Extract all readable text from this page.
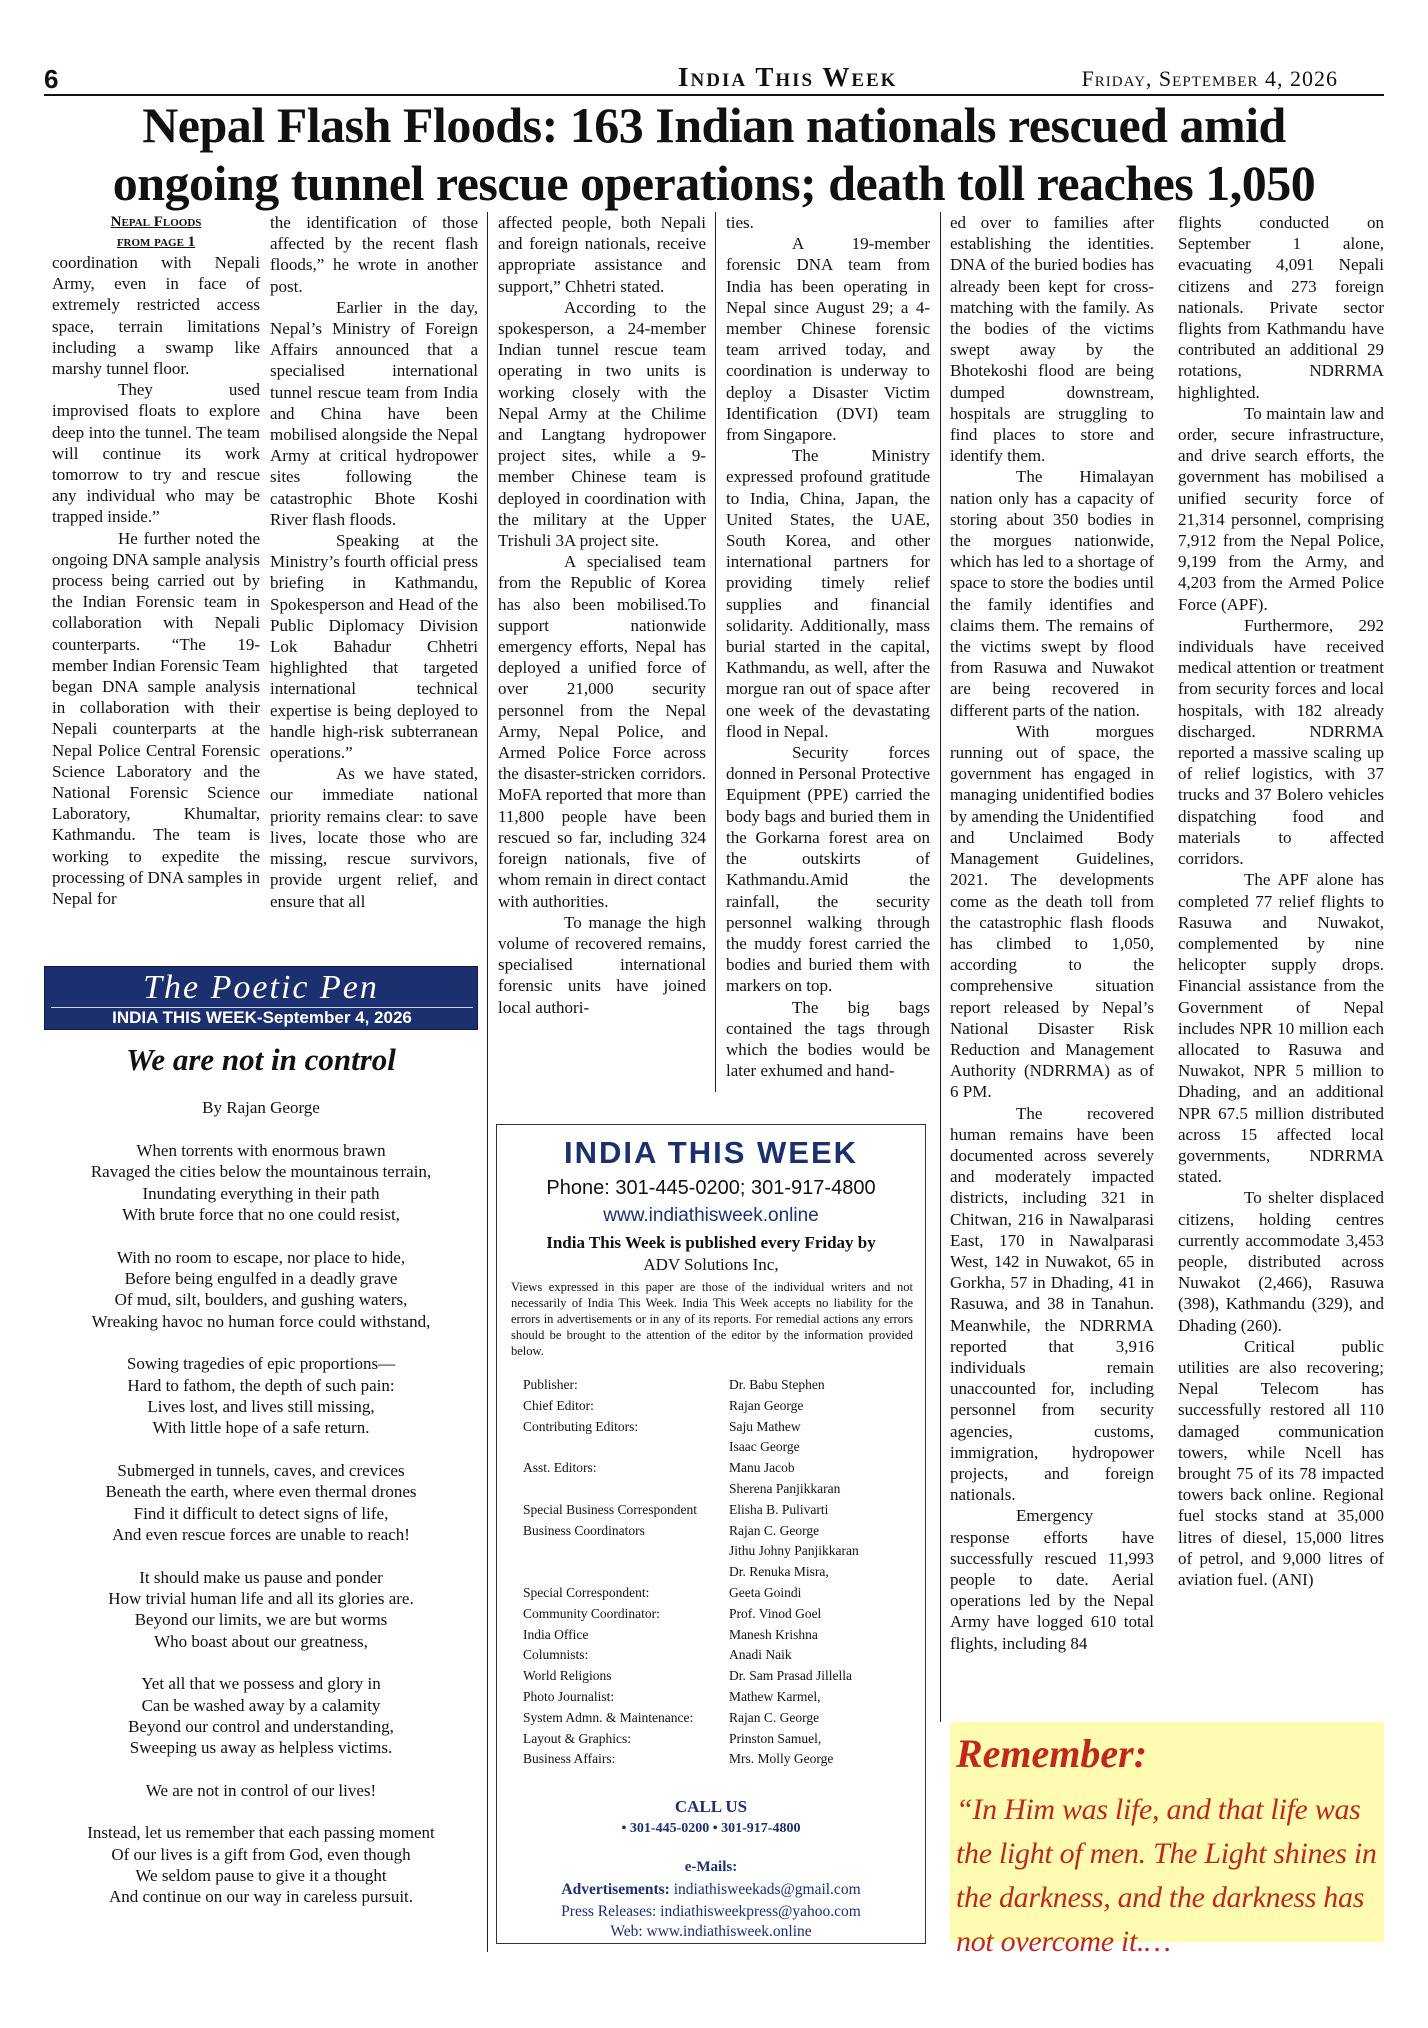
6	India This Week	Friday, September 4, 2026
Nepal Flash Floods: 163 Indian nationals rescued amid
ongoing tunnel rescue operations; death toll reaches 1,050

Nepal Floods

from page 1

coordination with Nepali Army, even in face of extremely restricted access space, terrain limitations including a swamp like marshy tunnel floor.

They used improvised floats to explore deep into the tunnel. The team will continue its work tomorrow to try and rescue any individual who may be trapped inside.”

He further noted the ongoing DNA sample analysis process being carried out by the Indian Forensic team in collaboration with Nepali counterparts. “The 19-member Indian Forensic Team began DNA sample analysis in collaboration with their Nepali counterparts at the Nepal Police Central Forensic Science Laboratory and the National Forensic Science Laboratory, Khumaltar, Kathmandu. The team is working to expedite the processing of DNA samples in Nepal for

the identification of those affected by the recent flash floods,” he wrote in another post.

Earlier in the day, Nepal’s Ministry of Foreign Affairs announced that a specialised international tunnel rescue team from India and China have been mobilised alongside the Nepal Army at critical hydropower sites following the catastrophic Bhote Koshi River flash floods.

Speaking at the Ministry’s fourth official press briefing in Kathmandu, Spokesperson and Head of the Public Diplomacy Division Lok Bahadur Chhetri highlighted that targeted international technical expertise is being deployed to handle high-risk subterranean operations.”

As we have stated, our immediate national priority remains clear: to save lives, locate those who are missing, rescue survivors, provide urgent relief, and ensure that all

affected people, both Nepali and foreign nationals, receive appropriate assistance and support,” Chhetri stated.

According to the spokesperson, a 24-member Indian tunnel rescue team operating in two units is working closely with the Nepal Army at the Chilime and Langtang hydropower project sites, while a 9-member Chinese team is deployed in coordination with the military at the Upper Trishuli 3A project site.

A specialised team from the Republic of Korea has also been mobilised.To support nationwide emergency efforts, Nepal has deployed a unified force of over 21,000 security personnel from the Nepal Army, Nepal Police, and Armed Police Force across the disaster-stricken corridors. MoFA reported that more than 11,800 people have been rescued so far, including 324 foreign nationals, five of whom remain in direct contact with authorities.

To manage the high volume of recovered remains, specialised international forensic units have joined local authori-

ties.

A 19-member forensic DNA team from India has been operating in Nepal since August 29; a 4-member Chinese forensic team arrived today, and coordination is underway to deploy a Disaster Victim Identification (DVI) team from Singapore.

The Ministry expressed profound gratitude to India, China, Japan, the United States, the UAE, South Korea, and other international partners for providing timely relief supplies and financial solidarity. Additionally, mass burial started in the capital, Kathmandu, as well, after the morgue ran out of space after one week of the devastating flood in Nepal.

Security forces donned in Personal Protective Equipment (PPE) carried the body bags and buried them in the Gorkarna forest area on the outskirts of Kathmandu.Amid the rainfall, the security personnel walking through the muddy forest carried the bodies and buried them with markers on top.

The big bags contained the tags through which the bodies would be later exhumed and hand-

ed over to families after establishing the identities. DNA of the buried bodies has already been kept for cross-matching with the family. As the bodies of the victims swept away by the Bhotekoshi flood are being dumped downstream, hospitals are struggling to find places to store and identify them.

The Himalayan nation only has a capacity of storing about 350 bodies in the morgues nationwide, which has led to a shortage of space to store the bodies until the family identifies and claims them. The remains of the victims swept by flood from Rasuwa and Nuwakot are being recovered in different parts of the nation.

With morgues running out of space, the government has engaged in managing unidentified bodies by amending the Unidentified and Unclaimed Body Management Guidelines, 2021. The developments come as the death toll from the catastrophic flash floods has climbed to 1,050, according to the comprehensive situation report released by Nepal’s National Disaster Risk Reduction and Management Authority (NDRRMA) as of 6 PM.

The recovered human remains have been documented across severely and moderately impacted districts, including 321 in Chitwan, 216 in Nawalparasi East, 170 in Nawalparasi West, 142 in Nuwakot, 65 in Gorkha, 57 in Dhading, 41 in Rasuwa, and 38 in Tanahun. Meanwhile, the NDRRMA reported that 3,916 individuals remain unaccounted for, including personnel from security agencies, customs, immigration, hydropower projects, and foreign nationals.

Emergency response efforts have successfully rescued 11,993 people to date. Aerial operations led by the Nepal Army have logged 610 total flights, including 84

flights conducted on September 1 alone, evacuating 4,091 Nepali citizens and 273 foreign nationals. Private sector flights from Kathmandu have contributed an additional 29 rotations, NDRRMA highlighted.

To maintain law and order, secure infrastructure, and drive search efforts, the government has mobilised a unified security force of 21,314 personnel, comprising 7,912 from the Nepal Police, 9,199 from the Army, and 4,203 from the Armed Police Force (APF).

Furthermore, 292 individuals have received medical attention or treatment from security forces and local hospitals, with 182 already discharged. NDRRMA reported a massive scaling up of relief logistics, with 37 trucks and 37 Bolero vehicles dispatching food and materials to affected corridors.

The APF alone has completed 77 relief flights to Rasuwa and Nuwakot, complemented by nine helicopter supply drops. Financial assistance from the Government of Nepal includes NPR 10 million each allocated to Rasuwa and Nuwakot, NPR 5 million to Dhading, and an additional NPR 67.5 million distributed across 15 affected local governments, NDRRMA stated.

To shelter displaced citizens, holding centres currently accommodate 3,453 people, distributed across Nuwakot (2,466), Rasuwa (398), Kathmandu (329), and Dhading (260).

Critical public utilities are also recovering; Nepal Telecom has successfully restored all 110 damaged communication towers, while Ncell has brought 75 of its 78 impacted towers back online. Regional fuel stocks stand at 35,000 litres of diesel, 15,000 litres of petrol, and 9,000 litres of aviation fuel. (ANI)

The Poetic Pen
INDIA THIS WEEK-September 4, 2026
We are not in control
By Rajan George
When torrents with enormous brawn
Ravaged the cities below the mountainous terrain,
Inundating everything in their path
With brute force that no one could resist,
With no room to escape, nor place to hide,
Before being engulfed in a deadly grave
Of mud, silt, boulders, and gushing waters,
Wreaking havoc no human force could withstand,
Sowing tragedies of epic proportions—
Hard to fathom, the depth of such pain:
Lives lost, and lives still missing,
With little hope of a safe return.
Submerged in tunnels, caves, and crevices
Beneath the earth, where even thermal drones
Find it difficult to detect signs of life,
And even rescue forces are unable to reach!
It should make us pause and ponder
How trivial human life and all its glories are.
Beyond our limits, we are but worms
Who boast about our greatness,
Yet all that we possess and glory in
Can be washed away by a calamity
Beyond our control and understanding,
Sweeping us away as helpless victims.
We are not in control of our lives!
Instead, let us remember that each passing moment
Of our lives is a gift from God, even though
We seldom pause to give it a thought
And continue on our way in careless pursuit.
INDIA THIS WEEK
Phone: 301-445-0200; 301-917-4800
www.indiathisweek.online
India This Week is published every Friday by
ADV Solutions Inc,
Views expressed in this paper are those of the individual writers and not necessarily of India This Week. India This Week accepts no liability for the errors in advertisements or in any of its reports. For remedial actions any errors should be brought to the attention of the editor by the information provided below.
Publisher:	Dr. Babu Stephen
Chief Editor:	Rajan George
Contributing Editors:	Saju Mathew
Isaac George
Asst. Editors:	Manu Jacob
Sherena Panjikkaran
Special Business Correspondent	Elisha B. Pulivarti
Business Coordinators	Rajan C. George
Jithu Johny Panjikkaran
Dr. Renuka Misra,
Special Correspondent:	Geeta Goindi
Community Coordinator:	Prof. Vinod Goel
India Office	Manesh Krishna
Columnists:	Anadi Naik
World Religions	Dr. Sam Prasad Jillella
Photo Journalist:	Mathew Karmel,
System Admn. & Maintenance:	Rajan C. George
Layout & Graphics:	Prinston Samuel,
Business Affairs:	Mrs. Molly George
CALL US
• 301-445-0200 • 301-917-4800
e-Mails:
Advertisements: indiathisweekads@gmail.com
Press Releases: indiathisweekpress@yahoo.com
Web: www.indiathisweek.online
Remember:
“In Him was life, and that life was the light of men. The Light shines in the darkness, and the darkness has not overcome it.…
